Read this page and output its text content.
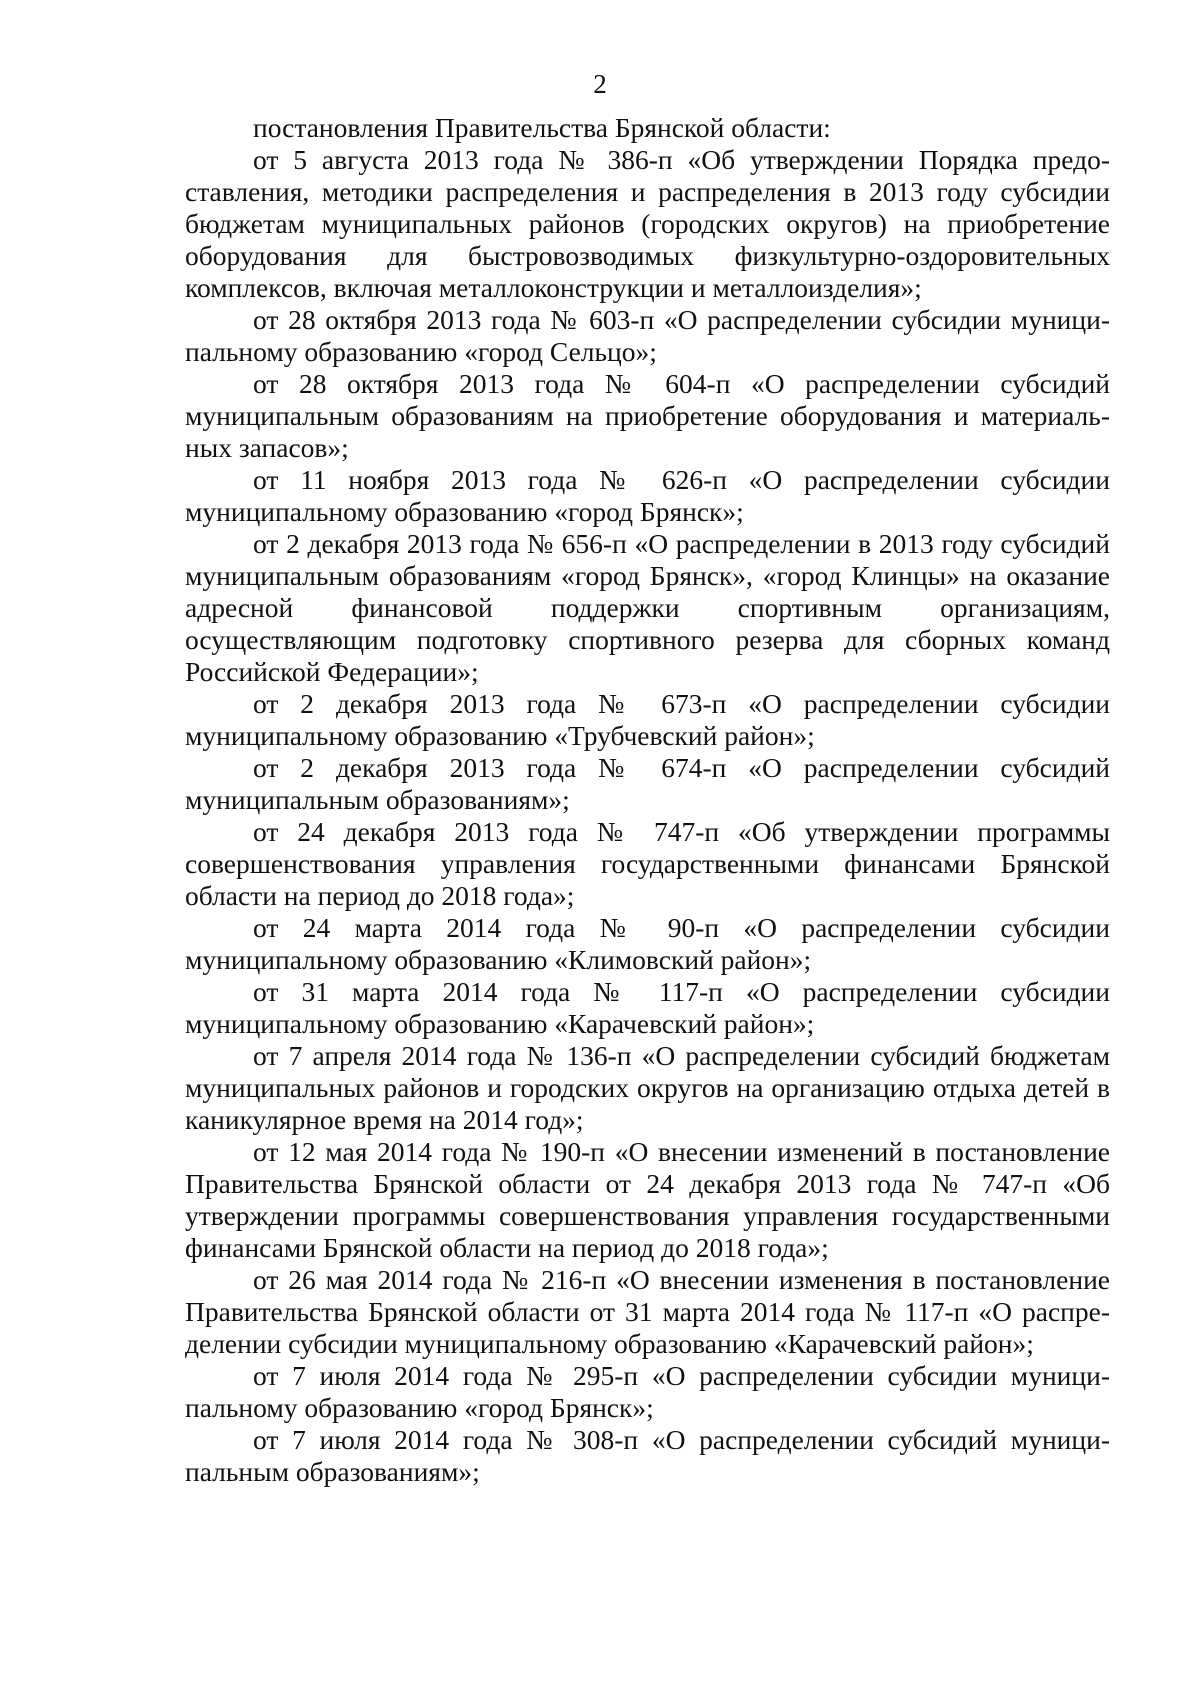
2

постановления Правительства Брянской области:

от 5 августа 2013 года № 386-п «Об утверждении Порядка предоставления, методики распределения и распределения в 2013 году субсидии бюджетам муниципальных районов (городских округов) на приобретение оборудования для быстровозводимых физкультурно-оздоровительных комплексов, включая металлоконструкции и металлоизделия»;

от 28 октября 2013 года № 603-п «О распределении субсидии муниципальному образованию «город Сельцо»;

от 28 октября 2013 года № 604-п «О распределении субсидий муниципальным образованиям на приобретение оборудования и материальных запасов»;

от 11 ноября 2013 года № 626-п «О распределении субсидии муниципальному образованию «город Брянск»;

от 2 декабря 2013 года № 656-п «О распределении в 2013 году субсидий муниципальным образованиям «город Брянск», «город Клинцы» на оказание адресной финансовой поддержки спортивным организациям, осуществляющим подготовку спортивного резерва для сборных команд Российской Федерации»;

от 2 декабря 2013 года № 673-п «О распределении субсидии муниципальному образованию «Трубчевский район»;

от 2 декабря 2013 года № 674-п «О распределении субсидий муниципальным образованиям»;

от 24 декабря 2013 года № 747-п «Об утверждении программы совершенствования управления государственными финансами Брянской области на период до 2018 года»;

от 24 марта 2014 года № 90-п «О распределении субсидии муниципальному образованию «Климовский район»;

от 31 марта 2014 года № 117-п «О распределении субсидии муниципальному образованию «Карачевский район»;

от 7 апреля 2014 года № 136-п «О распределении субсидий бюджетам муниципальных районов и городских округов на организацию отдыха детей в каникулярное время на 2014 год»;

от 12 мая 2014 года № 190-п «О внесении изменений в постановление Правительства Брянской области от 24 декабря 2013 года № 747-п «Об утверждении программы совершенствования управления государственными финансами Брянской области на период до 2018 года»;

от 26 мая 2014 года № 216-п «О внесении изменения в постановление Правительства Брянской области от 31 марта 2014 года № 117-п «О распределении субсидии муниципальному образованию «Карачевский район»;

от 7 июля 2014 года № 295-п «О распределении субсидии муниципальному образованию «город Брянск»;

от 7 июля 2014 года № 308-п «О распределении субсидий муниципальным образованиям»;
